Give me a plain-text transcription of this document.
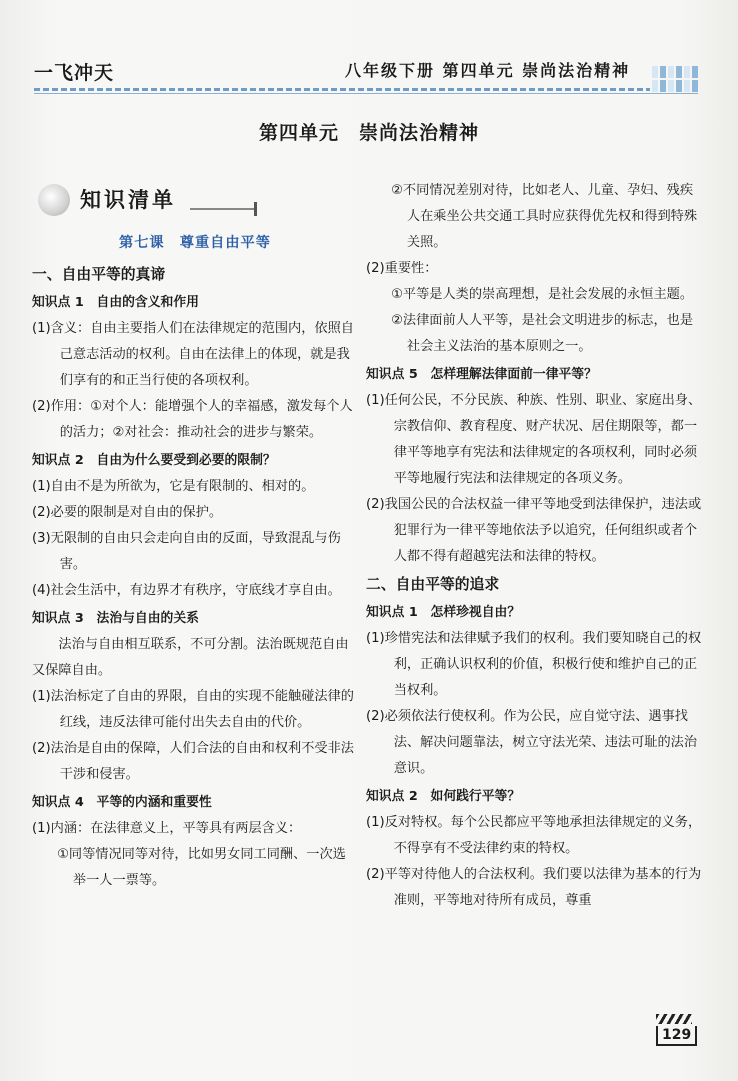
一飞冲天	八年级下册 第四单元 崇尚法治精神
第四单元　崇尚法治精神
知识清单
第七课　尊重自由平等
一、自由平等的真谛
知识点 1　自由的含义和作用

(1)含义：自由主要指人们在法律规定的范围内，依照自己意志活动的权利。自由在法律上的体现，就是我们享有的和正当行使的各项权利。

(2)作用：①对个人：能增强个人的幸福感，激发每个人的活力；②对社会：推动社会的进步与繁荣。

知识点 2　自由为什么要受到必要的限制？

(1)自由不是为所欲为，它是有限制的、相对的。

(2)必要的限制是对自由的保护。

(3)无限制的自由只会走向自由的反面，导致混乱与伤害。

(4)社会生活中，有边界才有秩序，守底线才享自由。

知识点 3　法治与自由的关系

法治与自由相互联系，不可分割。法治既规范自由又保障自由。

(1)法治标定了自由的界限，自由的实现不能触碰法律的红线，违反法律可能付出失去自由的代价。

(2)法治是自由的保障，人们合法的自由和权利不受非法干涉和侵害。

知识点 4　平等的内涵和重要性

(1)内涵：在法律意义上，平等具有两层含义：

①同等情况同等对待，比如男女同工同酬、一次选举一人一票等。

②不同情况差别对待，比如老人、儿童、孕妇、残疾人在乘坐公共交通工具时应获得优先权和得到特殊关照。

(2)重要性：

①平等是人类的崇高理想，是社会发展的永恒主题。

②法律面前人人平等，是社会文明进步的标志，也是社会主义法治的基本原则之一。

知识点 5　怎样理解法律面前一律平等？

(1)任何公民，不分民族、种族、性别、职业、家庭出身、宗教信仰、教育程度、财产状况、居住期限等，都一律平等地享有宪法和法律规定的各项权利，同时必须平等地履行宪法和法律规定的各项义务。

(2)我国公民的合法权益一律平等地受到法律保护，违法或犯罪行为一律平等地依法予以追究，任何组织或者个人都不得有超越宪法和法律的特权。

二、自由平等的追求
知识点 1　怎样珍视自由？

(1)珍惜宪法和法律赋予我们的权利。我们要知晓自己的权利，正确认识权利的价值，积极行使和维护自己的正当权利。

(2)必须依法行使权利。作为公民，应自觉守法、遇事找法、解决问题靠法，树立守法光荣、违法可耻的法治意识。

知识点 2　如何践行平等？

(1)反对特权。每个公民都应平等地承担法律规定的义务，不得享有不受法律约束的特权。

(2)平等对待他人的合法权利。我们要以法律为基本的行为准则，平等地对待所有成员，尊重

129
